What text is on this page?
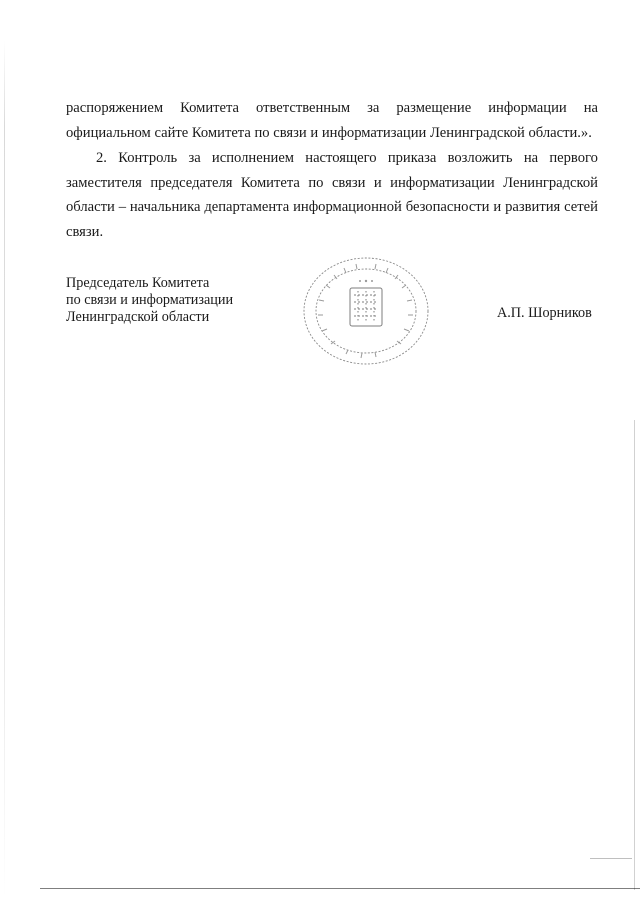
распоряжением Комитета ответственным за размещение информации на
официальном сайте Комитета по связи и информатизации Ленинградской области.».
2. Контроль за исполнением настоящего приказа возложить на первого
заместителя председателя Комитета по связи и информатизации Ленинградской
области – начальника департамента информационной безопасности и развития сетей
связи.
Председатель Комитета
по связи и информатизации
Ленинградской области	А.П. Шорников
